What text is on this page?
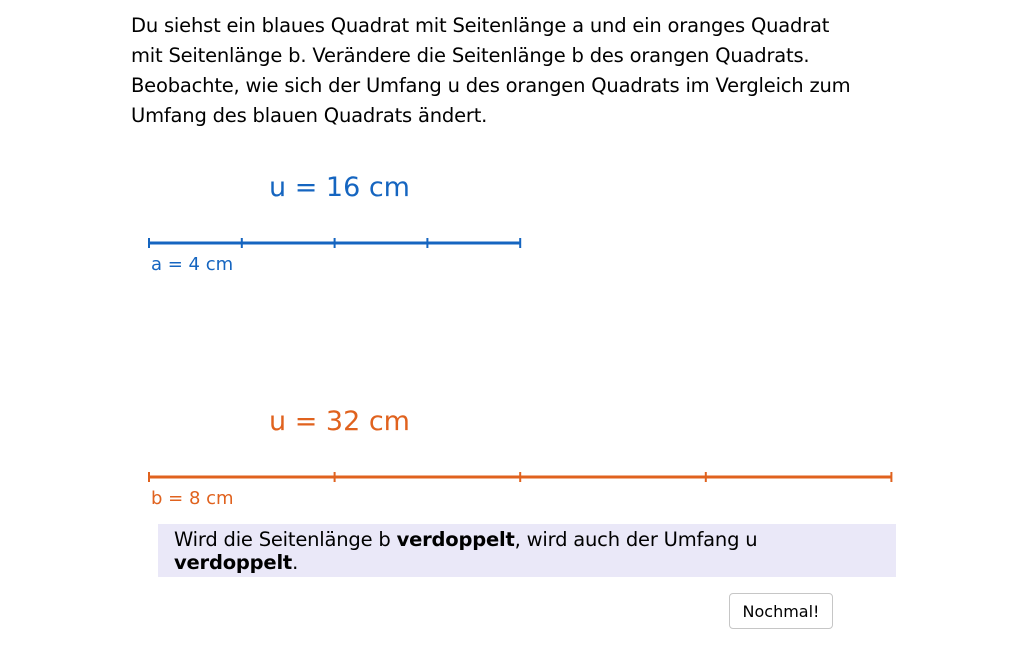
Du siehst ein blaues Quadrat mit Seitenlänge a und ein oranges Quadrat mit Seitenlänge b. Verändere die Seitenlänge b des orangen Quadrats. Beobachte, wie sich der Umfang u des orangen Quadrats im Vergleich zum Umfang des blauen Quadrats ändert.

u = 16 cm
u = 32 cm
a = 4 cm
b = 8 cm
Wird die Seitenlänge b verdoppelt, wird auch der Umfang u verdoppelt.
Nochmal!
